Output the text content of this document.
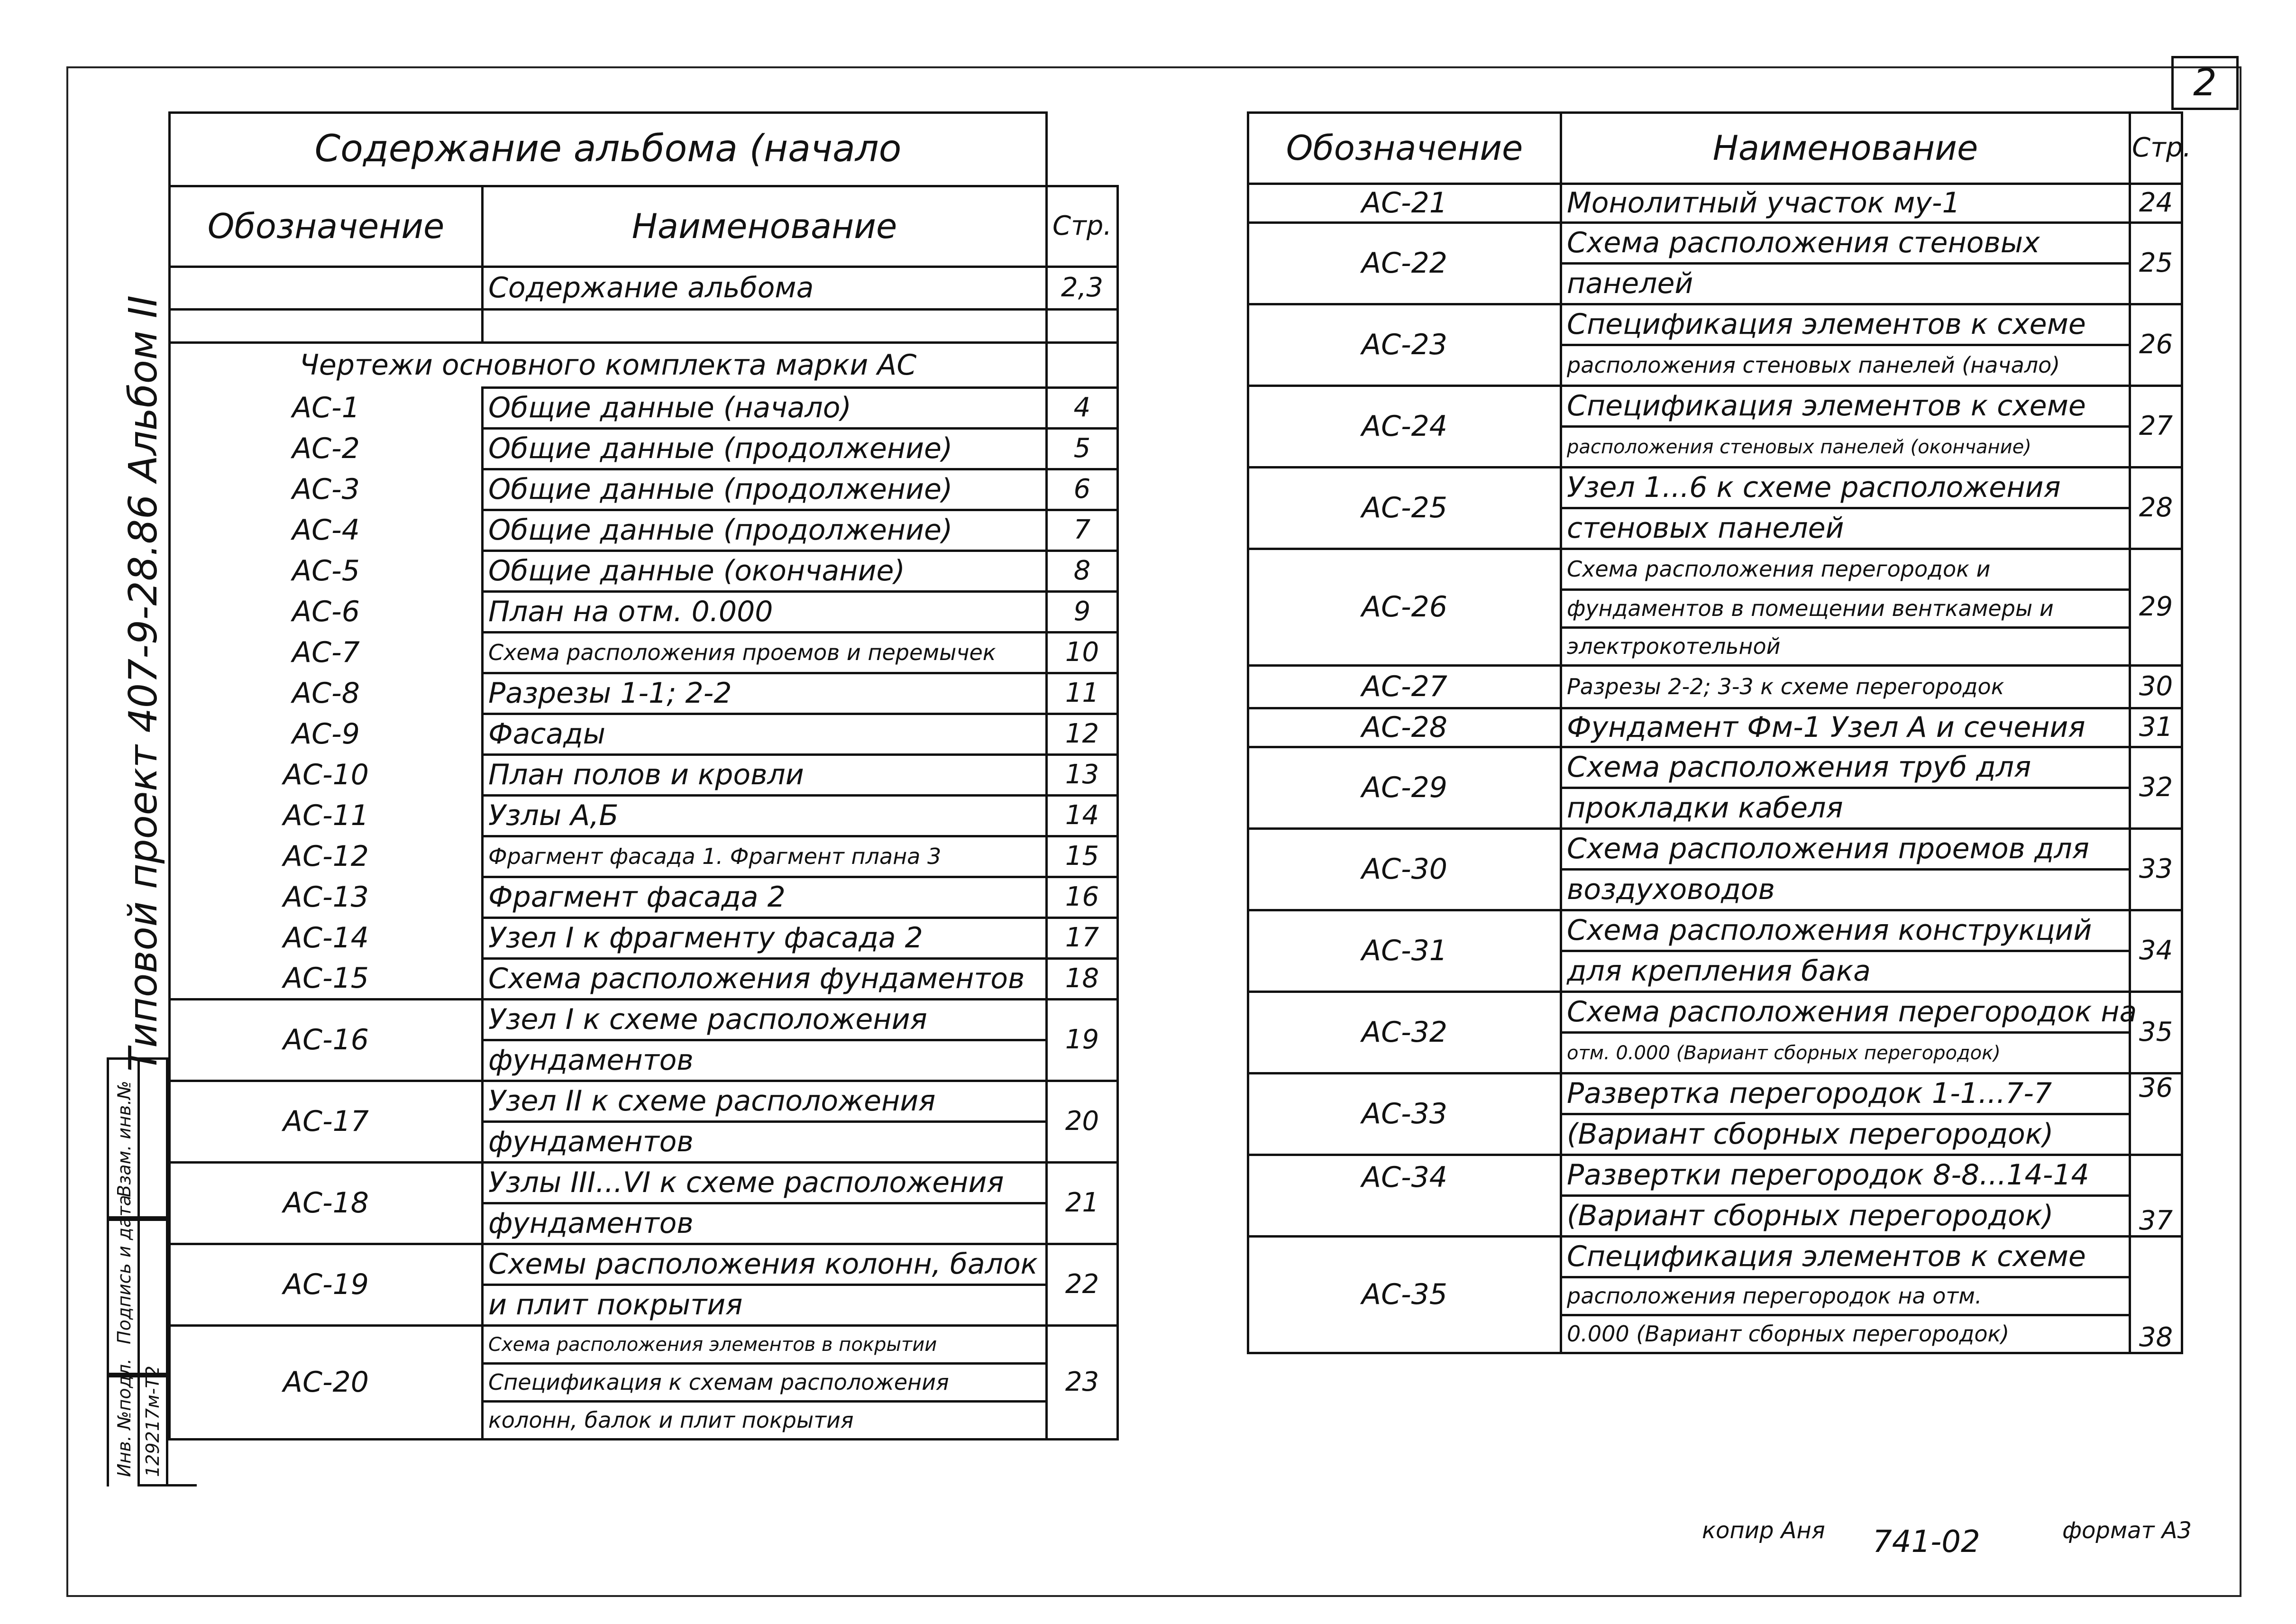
2
Типовой проект 407-9-28.86 Альбом II
Инв. №подл.
Подпись и дата
Взам. инв.№
129217м-Т2
Содержание альбома (начало		
Обозначение	Наименование	Стр.
	Содержание альбома	2,3

Чертежи основного комплекта марки АС		
АС-1	Общие данные (начало)	4
АС-2	Общие данные (продолжение)	5
АС-3	Общие данные (продолжение)	6
АС-4	Общие данные (продолжение)	7
АС-5	Общие данные (окончание)	8
АС-6	План на отм. 0.000	9
АС-7	Схема расположения проемов и перемычек	10
АС-8	Разрезы 1-1; 2-2	11
АС-9	Фасады	12
АС-10	План полов и кровли	13
АС-11	Узлы А,Б	14
АС-12	Фрагмент фасада 1. Фрагмент плана 3	15
АС-13	Фрагмент фасада 2	16
АС-14	Узел I к фрагменту фасада 2	17
АС-15	Схема расположения фундаментов	18
АС-16	Узел I к схеме расположения	19
	фундаментов	
АС-17	Узел II к схеме расположения	20
	фундаментов	
АС-18	Узлы III...VI к схеме расположения	21
	фундаментов	
АС-19	Схемы расположения колонн, балок	22
	и плит покрытия	
АС-20	Схема расположения элементов в покрытии	23
	Спецификация к схемам расположения	
	колонн, балок и плит покрытия	
Обозначение	Наименование	Стр.
АС-21	Монолитный участок му-1	24
АС-22	Схема расположения стеновых	25
	панелей	
АС-23	Спецификация элементов к схеме	26
	расположения стеновых панелей (начало)	
АС-24	Спецификация элементов к схеме	27
	расположения стеновых панелей (окончание)	
АС-25	Узел 1...6 к схеме расположения	28
	стеновых панелей	
АС-26	Схема расположения перегородок и	29
	фундаментов в помещении венткамеры и	
	электрокотельной	
АС-27	Разрезы 2-2; 3-3 к схеме перегородок	30
АС-28	Фундамент Фм-1 Узел А и сечения	31
АС-29	Схема расположения труб для	32
	прокладки кабеля	
АС-30	Схема расположения проемов для	33
	воздуховодов	
АС-31	Схема расположения конструкций	34
	для крепления бака	
АС-32	Схема расположения перегородок на	35
	отм. 0.000 (Вариант сборных перегородок)	
АС-33	Развертка перегородок 1-1...7-7	36
	(Вариант сборных перегородок)	
АС-34	Развертки перегородок 8-8...14-14	37
	(Вариант сборных перегородок)	
АС-35	Спецификация элементов к схеме	38
	расположения перегородок на отм.	
	0.000 (Вариант сборных перегородок)	
копир Аня 741-02	формат А3
